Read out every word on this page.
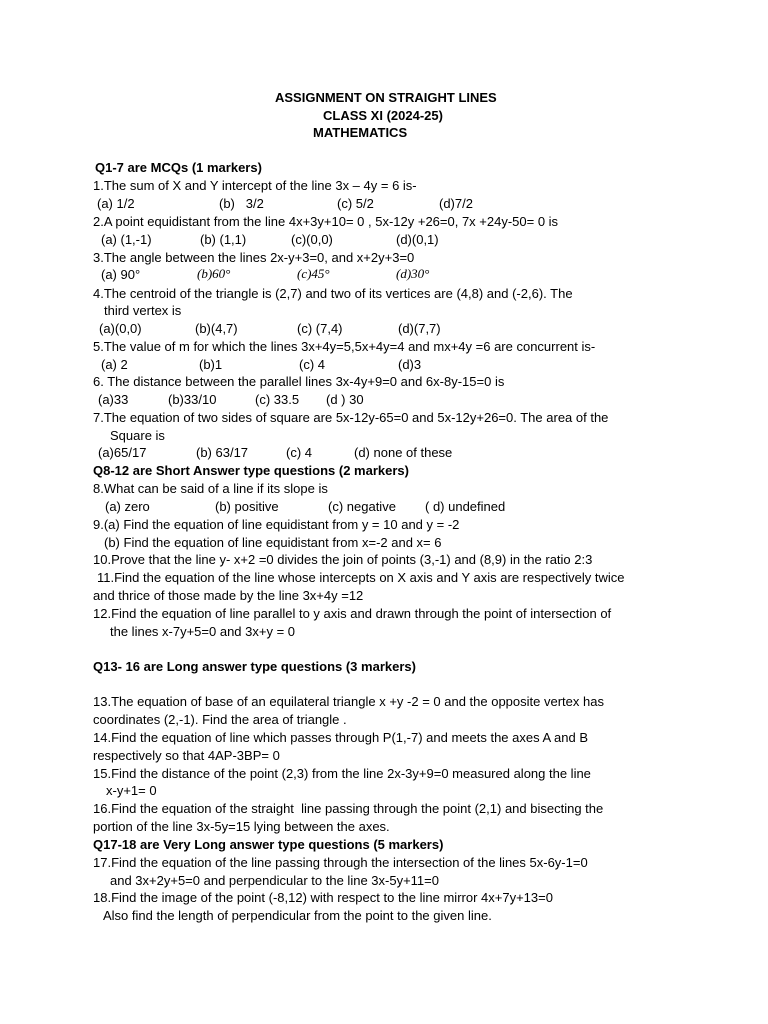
ASSIGNMENT ON STRAIGHT LINES
CLASS XI (2024-25)
MATHEMATICS
Q1-7 are MCQs (1 markers)
1.The sum of X and Y intercept of the line 3x – 4y = 6 is-
(a) 1/2	(b)   3/2	(c) 5/2	(d)7/2
2.A point equidistant from the line 4x+3y+10= 0 , 5x-12y +26=0, 7x +24y-50= 0 is
(a) (1,-1)	(b) (1,1)	(c)(0,0)	(d)(0,1)
3.The angle between the lines 2x-y+3=0, and x+2y+3=0
(a) 90°	(b)60°	(c)45°	(d)30°
4.The centroid of the triangle is (2,7) and two of its vertices are (4,8) and (-2,6). The
third vertex is
(a)(0,0)	(b)(4,7)	(c) (7,4)	(d)(7,7)
5.The value of m for which the lines 3x+4y=5,5x+4y=4 and mx+4y =6 are concurrent is-
(a) 2	(b)1	(c) 4	(d)3
6. The distance between the parallel lines 3x-4y+9=0 and 6x-8y-15=0 is
(a)33	(b)33/10	(c) 33.5 (d ) 30
7.The equation of two sides of square are 5x-12y-65=0 and 5x-12y+26=0. The area of the
Square is
(a)65/17	(b) 63/17	(c) 4	(d) none of these
Q8-12 are Short Answer type questions (2 markers)
8.What can be said of a line if its slope is
(a) zero	(b) positive	(c) negative ( d) undefined
9.(a) Find the equation of line equidistant from y = 10 and y = -2
(b) Find the equation of line equidistant from x=-2 and x= 6
10.Prove that the line y- x+2 =0 divides the join of points (3,-1) and (8,9) in the ratio 2:3
11.Find the equation of the line whose intercepts on X axis and Y axis are respectively twice
and thrice of those made by the line 3x+4y =12
12.Find the equation of line parallel to y axis and drawn through the point of intersection of
the lines x-7y+5=0 and 3x+y = 0
Q13- 16 are Long answer type questions (3 markers)
13.The equation of base of an equilateral triangle x +y -2 = 0 and the opposite vertex has
coordinates (2,-1). Find the area of triangle .
14.Find the equation of line which passes through P(1,-7) and meets the axes A and B
respectively so that 4AP-3BP= 0
15.Find the distance of the point (2,3) from the line 2x-3y+9=0 measured along the line
x-y+1= 0
16.Find the equation of the straight  line passing through the point (2,1) and bisecting the
portion of the line 3x-5y=15 lying between the axes.
Q17-18 are Very Long answer type questions (5 markers)
17.Find the equation of the line passing through the intersection of the lines 5x-6y-1=0
and 3x+2y+5=0 and perpendicular to the line 3x-5y+11=0
18.Find the image of the point (-8,12) with respect to the line mirror 4x+7y+13=0
Also find the length of perpendicular from the point to the given line.
